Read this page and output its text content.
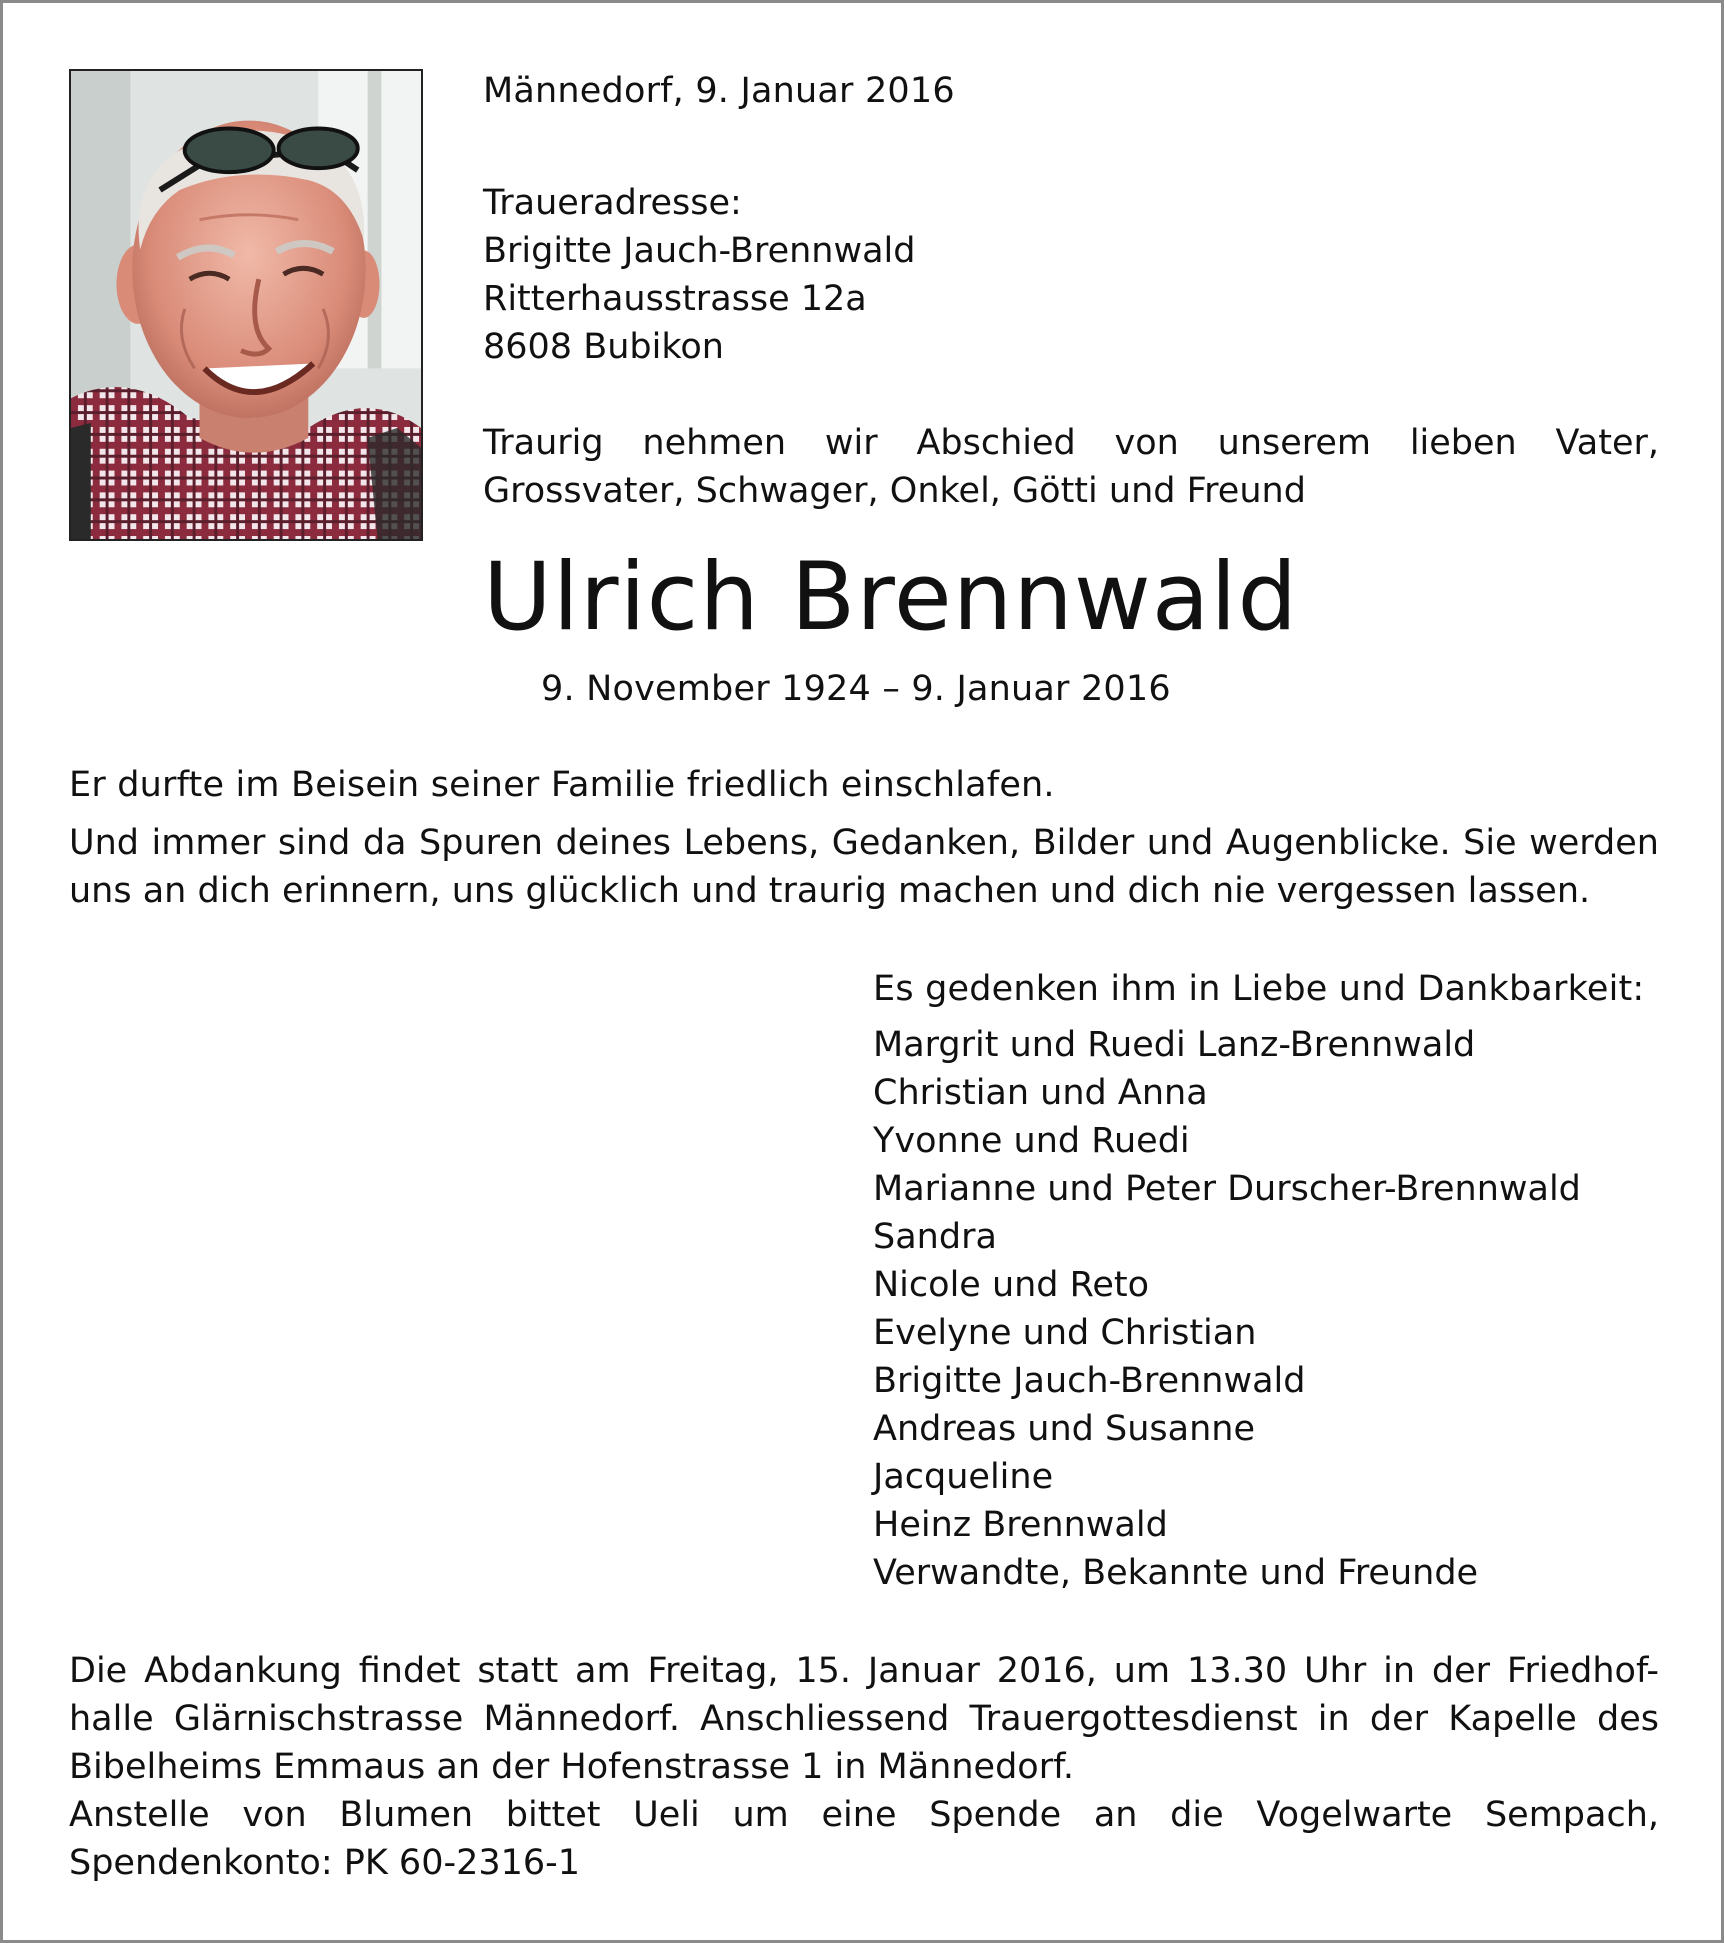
Männedorf, 9. Januar 2016
Traueradresse:
Brigitte Jauch-Brennwald
Ritterhausstrasse 12a
8608 Bubikon
Traurig nehmen wir Abschied von unserem lieben Vater,
Grossvater, Schwager, Onkel, Götti und Freund
Ulrich Brennwald
9. November 1924 – 9. Januar 2016
Er durfte im Beisein seiner Familie friedlich einschlafen.
Und immer sind da Spuren deines Lebens, Gedanken, Bilder und Augenblicke. Sie werden
uns an dich erinnern, uns glücklich und traurig machen und dich nie vergessen lassen.
Es gedenken ihm in Liebe und Dankbarkeit:
Margrit und Ruedi Lanz-Brennwald
Christian und Anna
Yvonne und Ruedi
Marianne und Peter Durscher-Brennwald
Sandra
Nicole und Reto
Evelyne und Christian
Brigitte Jauch-Brennwald
Andreas und Susanne
Jacqueline
Heinz Brennwald
Verwandte, Bekannte und Freunde
Die Abdankung findet statt am Freitag, 15. Januar 2016, um 13.30 Uhr in der Friedhof-
halle Glärnischstrasse Männedorf. Anschliessend Trauergottesdienst in der Kapelle des
Bibelheims Emmaus an der Hofenstrasse 1 in Männedorf.
Anstelle von Blumen bittet Ueli um eine Spende an die Vogelwarte Sempach,
Spendenkonto: PK 60-2316-1
